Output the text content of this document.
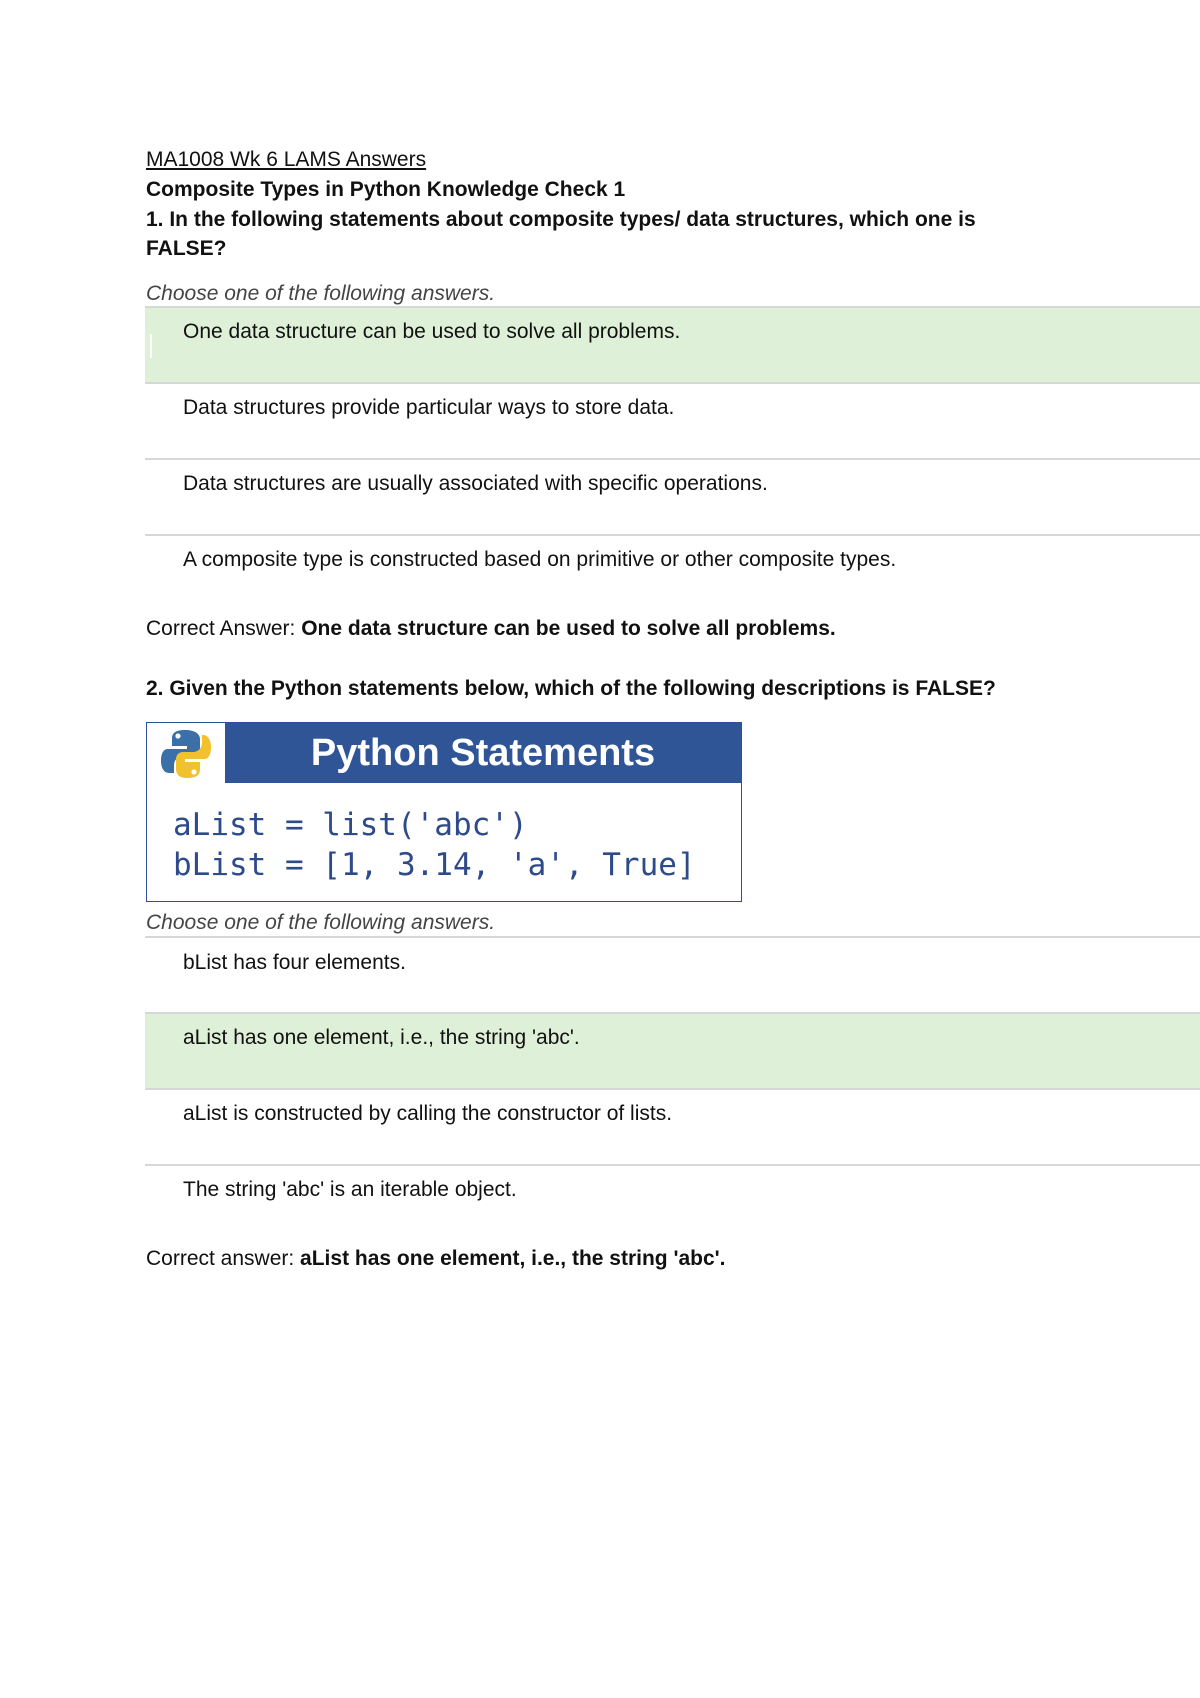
MA1008 Wk 6 LAMS Answers
Composite Types in Python Knowledge Check 1
1. In the following statements about composite types/ data structures, which one is
FALSE?
Choose one of the following answers.
One data structure can be used to solve all problems.
Data structures provide particular ways to store data.
Data structures are usually associated with specific operations.
A composite type is constructed based on primitive or other composite types.
Correct Answer: One data structure can be used to solve all problems.
2. Given the Python statements below, which of the following descriptions is FALSE?
Python Statements
aList = list('abc')
bList = [1, 3.14, 'a', True]
Choose one of the following answers.
bList has four elements.
aList has one element, i.e., the string 'abc'.
aList is constructed by calling the constructor of lists.
The string 'abc' is an iterable object.
Correct answer: aList has one element, i.e., the string 'abc'.
